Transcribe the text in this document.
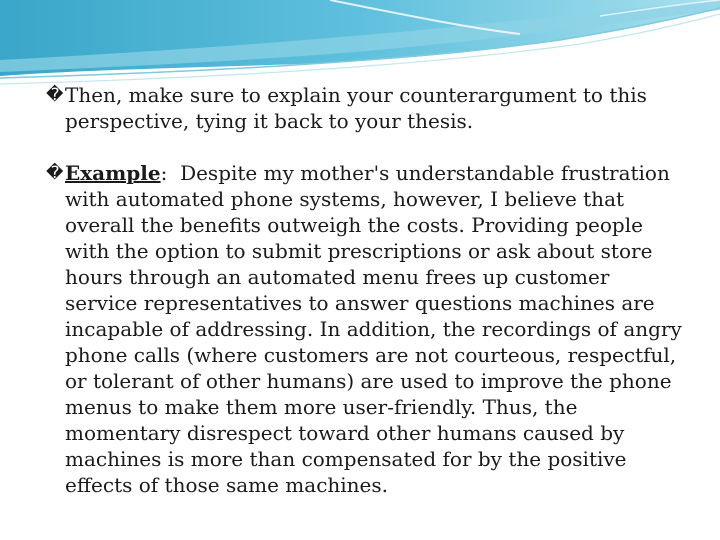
� Then, make sure to explain your counterargument to this perspective, tying it back to your thesis.
� Example:  Despite my mother's understandable frustration with automated phone systems, however, I believe that overall the benefits outweigh the costs. Providing people with the option to submit prescriptions or ask about store hours through an automated menu frees up customer service representatives to answer questions machines are incapable of addressing. In addition, the recordings of angry phone calls (where customers are not courteous, respectful, or tolerant of other humans) are used to improve the phone menus to make them more user-friendly. Thus, the momentary disrespect toward other humans caused by machines is more than compensated for by the positive effects of those same machines.
